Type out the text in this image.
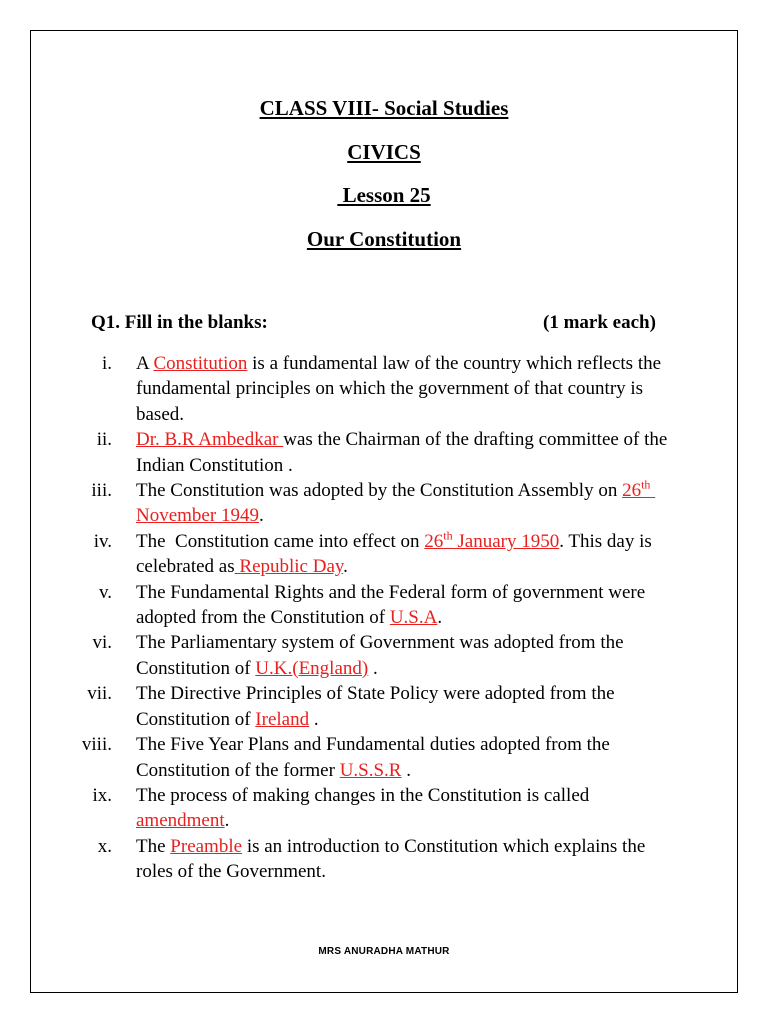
CLASS VIII- Social Studies
CIVICS
Lesson 25
Our Constitution
Q1. Fill in the blanks:	(1 mark each)
i. A Constitution is a fundamental law of the country which reflects the fundamental principles on which the government of that country is based.
ii. Dr. B.R Ambedkar was the Chairman of the drafting committee of the Indian Constitution .
iii. The Constitution was adopted by the Constitution Assembly on 26th November 1949.
iv. The  Constitution came into effect on 26th January 1950. This day is celebrated as Republic Day.
v. The Fundamental Rights and the Federal form of government were adopted from the Constitution of U.S.A.
vi. The Parliamentary system of Government was adopted from the Constitution of U.K.(England) .
vii. The Directive Principles of State Policy were adopted from the Constitution of Ireland .
viii. The Five Year Plans and Fundamental duties adopted from the Constitution of the former U.S.S.R .
ix. The process of making changes in the Constitution is called amendment.
x. The Preamble is an introduction to Constitution which explains the roles of the Government.
MRS ANURADHA MATHUR
